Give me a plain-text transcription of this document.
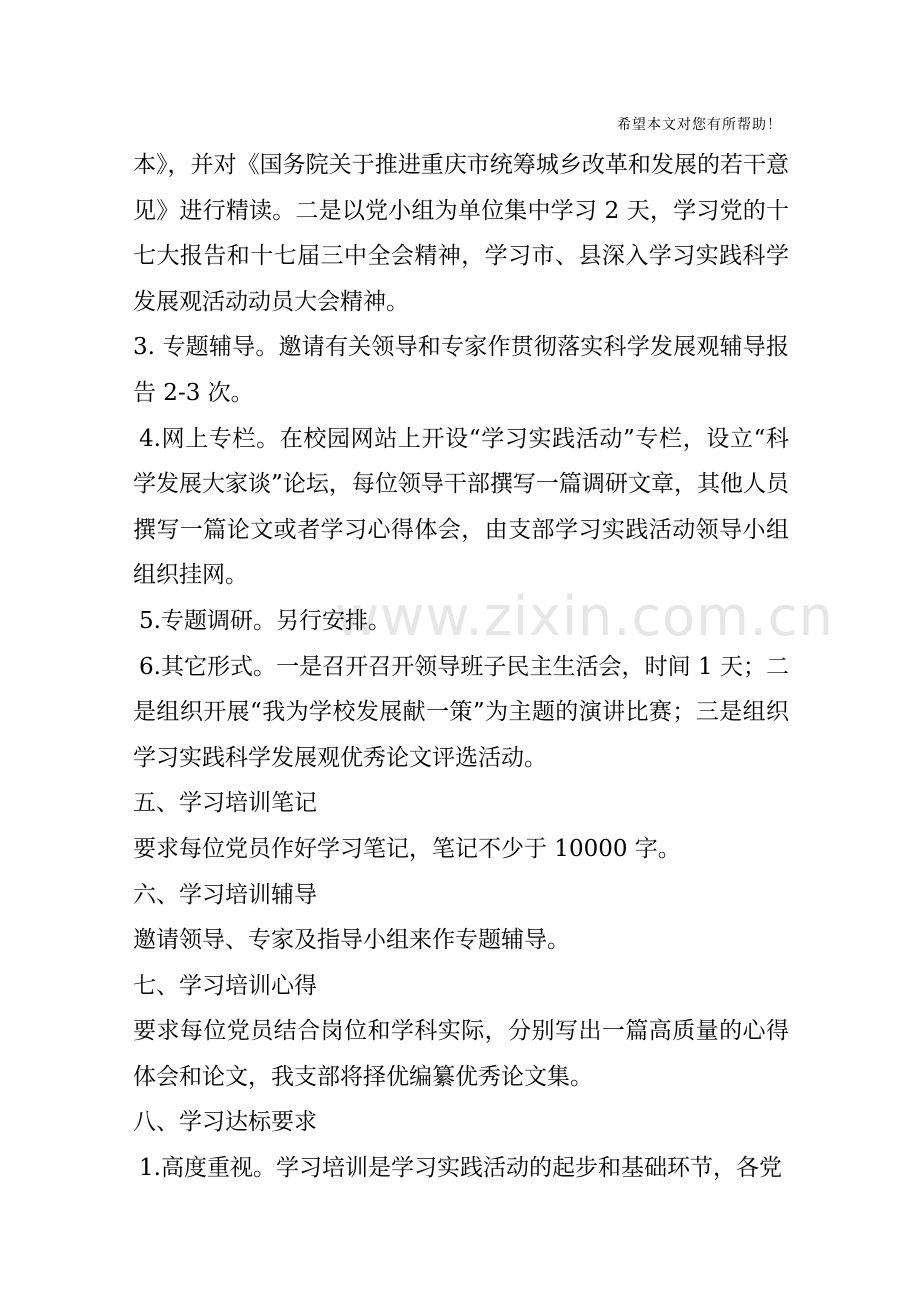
www.zixin.com.cn
希望本文对您有所帮助！

本》，并对《国务院关于推进重庆市统筹城乡改革和发展的若干意见》进行精读。二是以党小组为单位集中学习 2 天，学习党的十七大报告和十七届三中全会精神，学习市、县深入学习实践科学发展观活动动员大会精神。

3. 专题辅导。邀请有关领导和专家作贯彻落实科学发展观辅导报告 2-3 次。

4.网上专栏。在校园网站上开设“学习实践活动”专栏，设立“科学发展大家谈”论坛，每位领导干部撰写一篇调研文章，其他人员撰写一篇论文或者学习心得体会，由支部学习实践活动领导小组组织挂网。

5.专题调研。另行安排。

6.其它形式。一是召开召开领导班子民主生活会，时间 1 天；二是组织开展“我为学校发展献一策”为主题的演讲比赛；三是组织学习实践科学发展观优秀论文评选活动。

五、学习培训笔记

要求每位党员作好学习笔记，笔记不少于 10000 字。

六、学习培训辅导

邀请领导、专家及指导小组来作专题辅导。

七、学习培训心得

要求每位党员结合岗位和学科实际，分别写出一篇高质量的心得体会和论文，我支部将择优编纂优秀论文集。

八、学习达标要求

1.高度重视。学习培训是学习实践活动的起步和基础环节，各党
